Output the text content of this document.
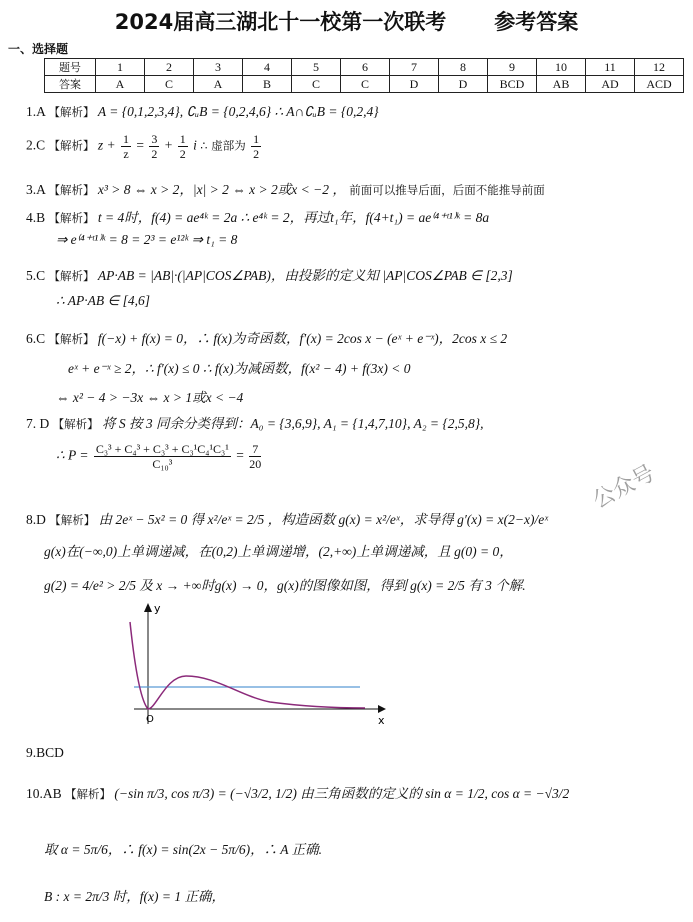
2024届高三湖北十一校第一次联考 参考答案
一、选择题
题号	1	2	3	4	5	6	7	8	9	10	11	12
答案	A	C	A	B	C	C	D	D	BCD	AB	AD	ACD
1.A 【解析】 A = {0,1,2,3,4}, ∁ᵤB = {0,2,4,6} ∴ A∩∁ᵤB = {0,2,4}
2.C 【解析】 $z + \frac{1}{z} = \frac{3}{2} + \frac{1}{2}$ i ∴ 虚部为 $\frac{1}{2}$
3.A 【解析】 x³ > 8 ⇔ x > 2，|x| > 2 ⇔ x > 2或x < −2 ， 前面可以推导后面，后面不能推导前面
4.B 【解析】 t = 4时，f(4) = ae⁴ᵏ = 2a ∴ e⁴ᵏ = 2，再过t₁年，f(4+t₁) = ae⁽⁴⁺ᵗ¹⁾ᵏ = 8a
⇒ e⁽⁴⁺ᵗ¹⁾ᵏ = 8 = 2³ = e¹²ᵏ ⇒ t₁ = 8
5.C 【解析】 AP·AB = |AB|·(|AP|COS∠PAB)，由投影的定义知 |AP|COS∠PAB ∈ [2,3]
∴ AP·AB ∈ [4,6]
6.C 【解析】 f(−x) + f(x) = 0，∴ f(x)为奇函数，f′(x) = 2cos x − (eˣ + e⁻ˣ)，2cos x ≤ 2
eˣ + e⁻ˣ ≥ 2，∴ f′(x) ≤ 0 ∴ f(x)为减函数，f(x² − 4) + f(3x) < 0
⇔ x² − 4 > −3x ⇔ x > 1或x < −4
7. D 【解析】 将 S 按 3 同余分类得到：A₀ = {3,6,9}, A₁ = {1,4,7,10}, A₂ = {2,5,8},
∴ $P = \frac{\text{C₃³ + C₄³ + C₃³ + C₃¹C₄¹C₃¹}}{\text{C₁₀³}} = \frac{7}{20}$
8.D 【解析】 由 2eˣ − 5x² = 0 得 x²/eˣ = 2/5 ，构造函数 g(x) = x²/eˣ，求导得 g′(x) = x(2−x)/eˣ
g(x)在(−∞,0)上单调递减，在(0,2)上单调递增，(2,+∞)上单调递减，且 g(0) = 0，
g(2) = 4/e² > 2/5 及 x → +∞时g(x) → 0，g(x)的图像如图，得到 g(x) = 2/5 有 3 个解.
公众号
y
x
O
9.BCD
10.AB 【解析】 (−sin π/3, cos π/3) = (−√3/2, 1/2) 由三角函数的定义的 sin α = 1/2, cos α = −√3/2
取 α = 5π/6，∴ f(x) = sin(2x − 5π/6)，∴ A 正确.
B : x = 2π/3 时，f(x) = 1 正确，
